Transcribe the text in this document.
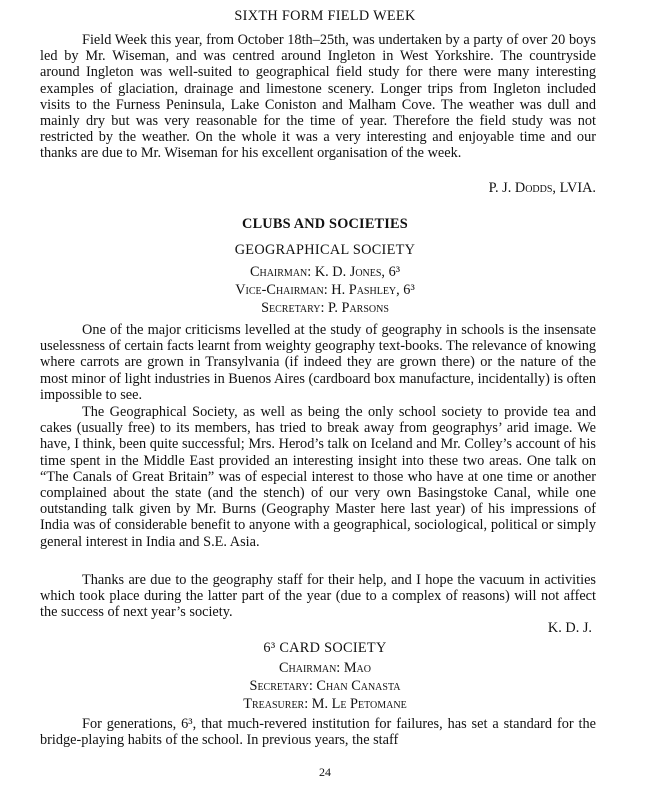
SIXTH FORM FIELD WEEK

Field Week this year, from October 18th–25th, was undertaken by a party of over 20 boys led by Mr. Wiseman, and was centred around Ingleton in West Yorkshire. The countryside around Ingleton was well-suited to geographical field study for there were many interesting examples of glaciation, drainage and limestone scenery. Longer trips from Ingleton included visits to the Furness Peninsula, Lake Coniston and Malham Cove. The weather was dull and mainly dry but was very reasonable for the time of year. Therefore the field study was not restricted by the weather. On the whole it was a very interesting and enjoyable time and our thanks are due to Mr. Wiseman for his excellent organisation of the week.

P. J. Dodds, LVIA.
CLUBS AND SOCIETIES
GEOGRAPHICAL SOCIETY
Chairman: K. D. Jones, 6³
Vice-Chairman: H. Pashley, 6³
Secretary: P. Parsons

One of the major criticisms levelled at the study of geography in schools is the insensate uselessness of certain facts learnt from weighty geography text-books. The relevance of knowing where carrots are grown in Transylvania (if indeed they are grown there) or the nature of the most minor of light industries in Buenos Aires (cardboard box manufacture, incidentally) is often impossible to see.

The Geographical Society, as well as being the only school society to provide tea and cakes (usually free) to its members, has tried to break away from geographys’ arid image. We have, I think, been quite successful; Mrs. Herod’s talk on Iceland and Mr. Colley’s account of his time spent in the Middle East provided an interesting insight into these two areas. One talk on “The Canals of Great Britain” was of especial interest to those who have at one time or another complained about the state (and the stench) of our very own Basingstoke Canal, while one outstanding talk given by Mr. Burns (Geography Master here last year) of his impressions of India was of considerable benefit to anyone with a geographical, sociological, political or simply general interest in India and S.E. Asia.

Thanks are due to the geography staff for their help, and I hope the vacuum in activities which took place during the latter part of the year (due to a complex of reasons) will not affect the success of next year’s society.

K. D. J.
6³ CARD SOCIETY
Chairman: Mao
Secretary: Chan Canasta
Treasurer: M. Le Petomane

For generations, 6³, that much-revered institution for failures, has set a standard for the bridge-playing habits of the school. In previous years, the staff

24
